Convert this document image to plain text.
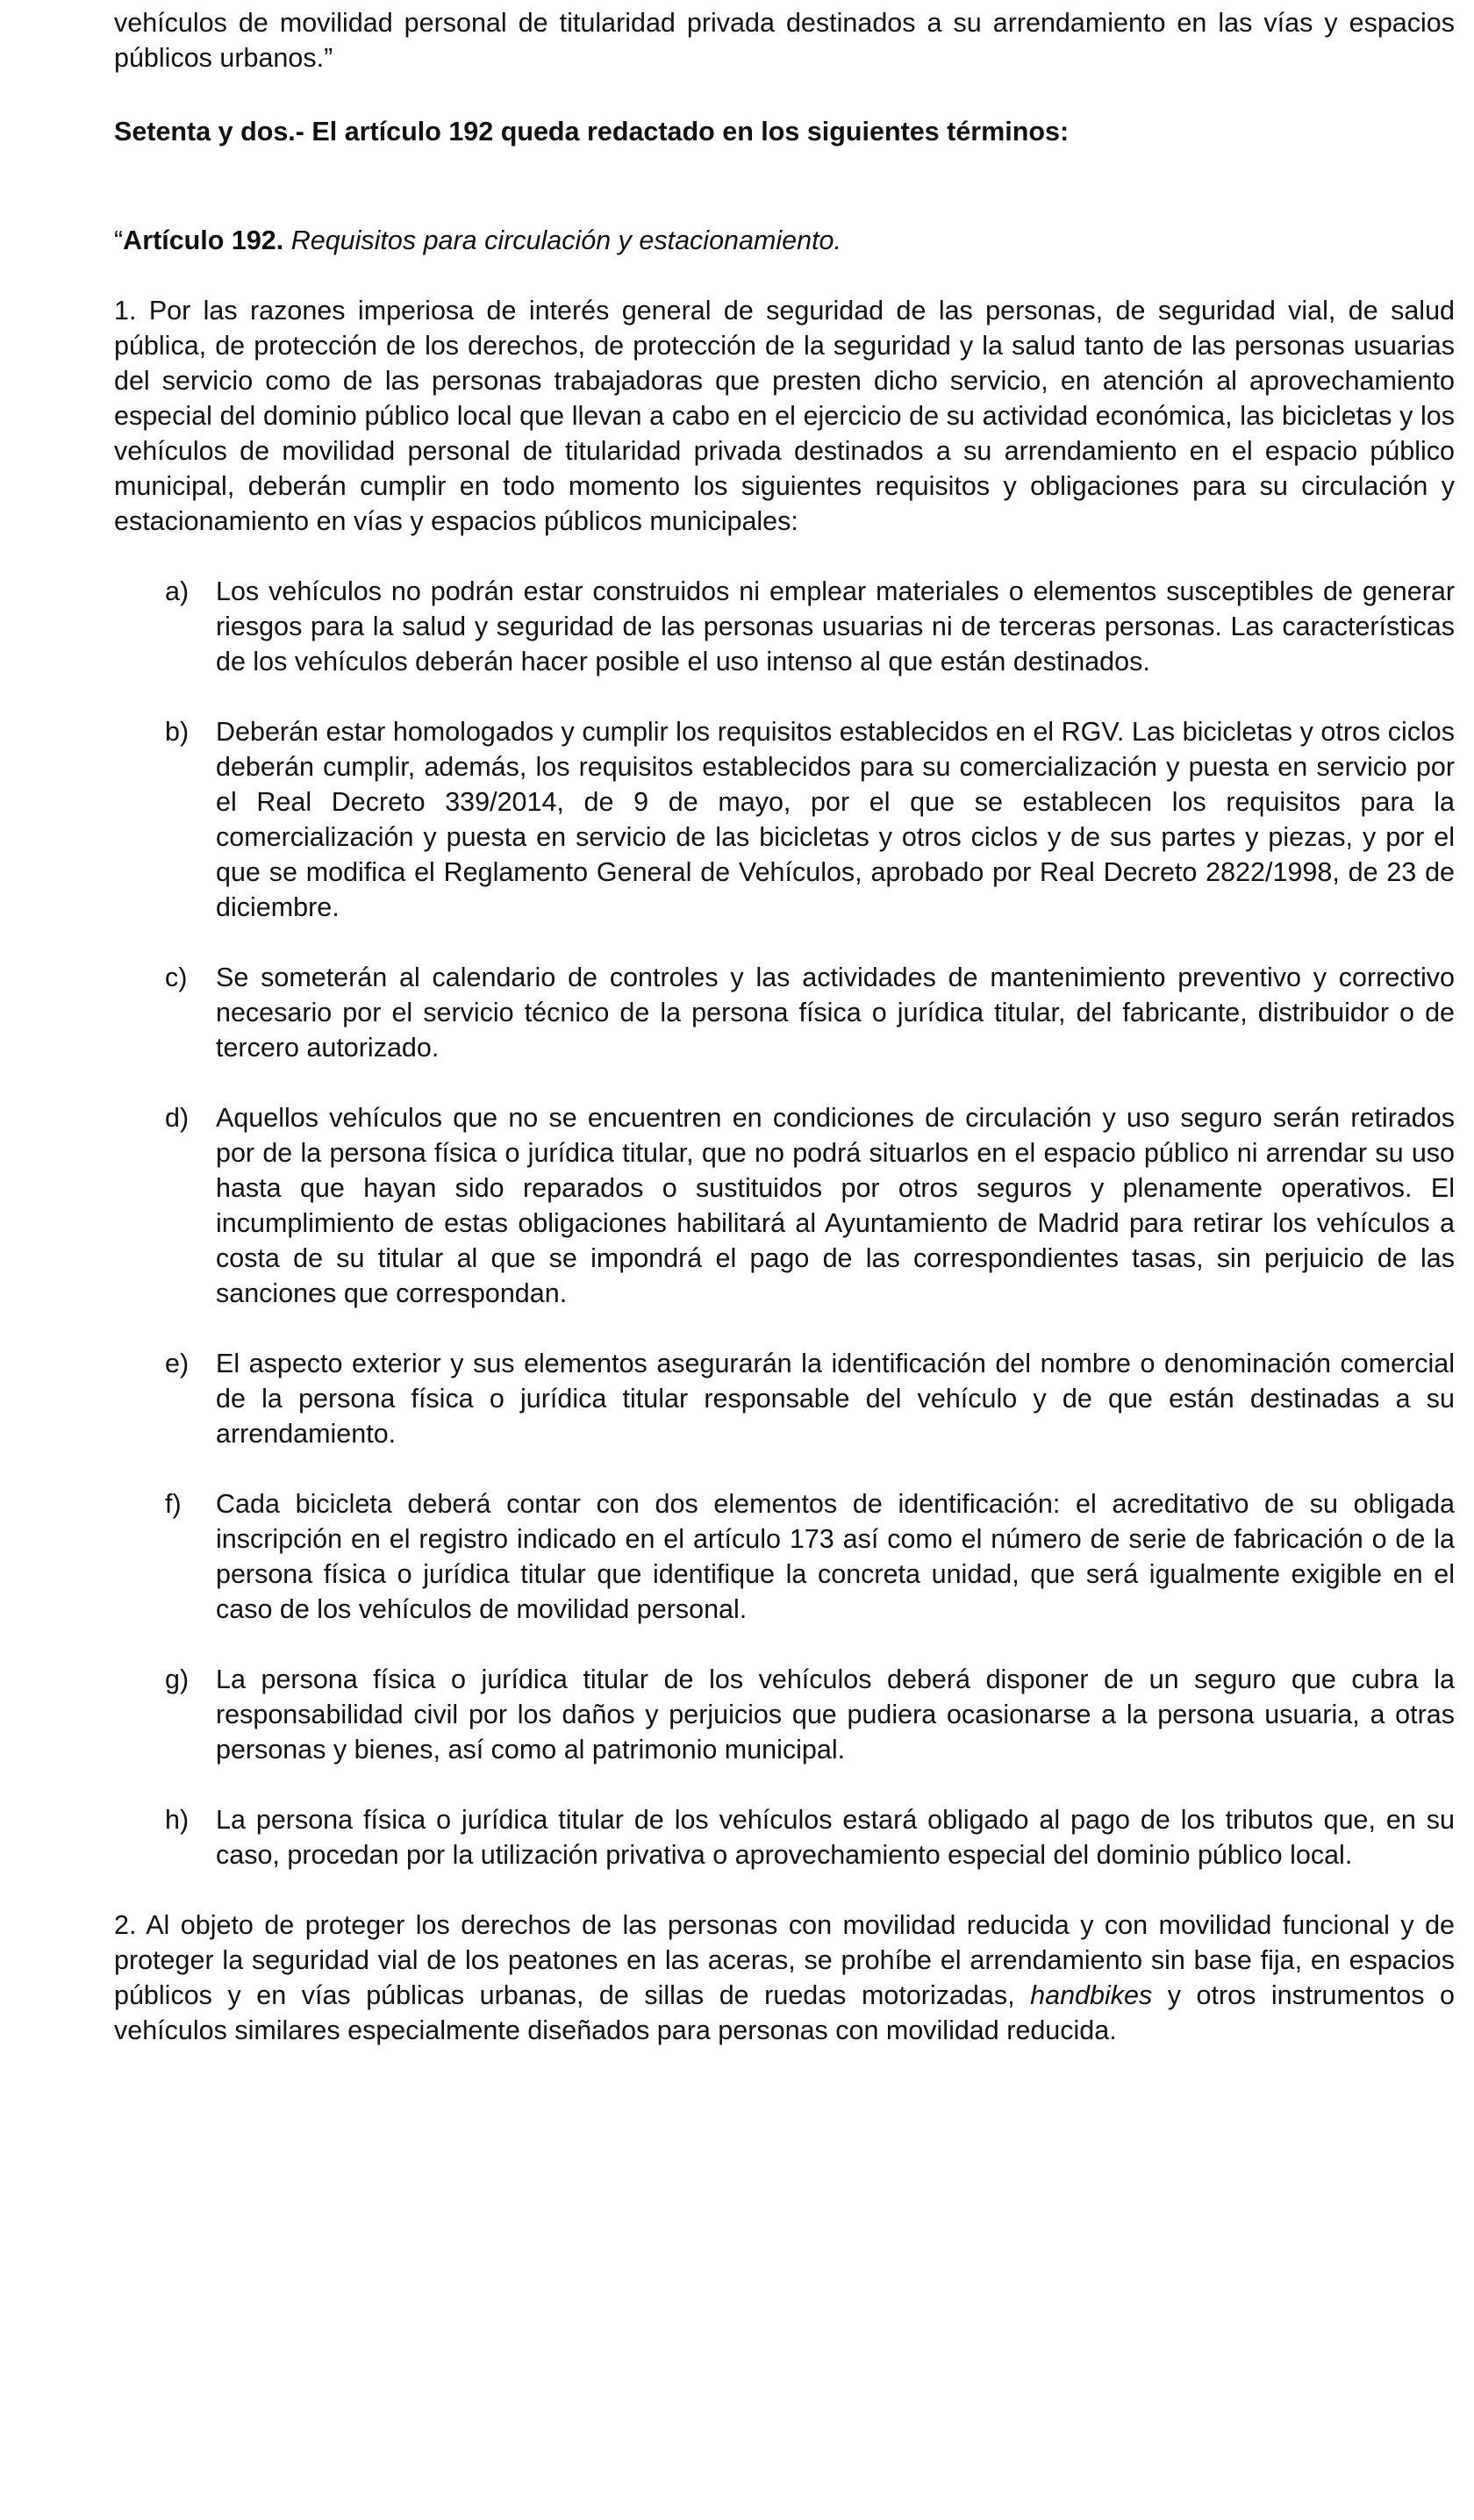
vehículos de movilidad personal de titularidad privada destinados a su arrendamiento en las vías y espacios públicos urbanos.”

Setenta y dos.- El artículo 192 queda redactado en los siguientes términos:

“Artículo 192. Requisitos para circulación y estacionamiento.

1. Por las razones imperiosa de interés general de seguridad de las personas, de seguridad vial, de salud pública, de protección de los derechos, de protección de la seguridad y la salud tanto de las personas usuarias del servicio como de las personas trabajadoras que presten dicho servicio, en atención al aprovechamiento especial del dominio público local que llevan a cabo en el ejercicio de su actividad económica, las bicicletas y los vehículos de movilidad personal de titularidad privada destinados a su arrendamiento en el espacio público municipal, deberán cumplir en todo momento los siguientes requisitos y obligaciones para su circulación y estacionamiento en vías y espacios públicos municipales:

a)	Los vehículos no podrán estar construidos ni emplear materiales o elementos susceptibles de generar riesgos para la salud y seguridad de las personas usuarias ni de terceras personas. Las características de los vehículos deberán hacer posible el uso intenso al que están destinados.
b)	Deberán estar homologados y cumplir los requisitos establecidos en el RGV. Las bicicletas y otros ciclos deberán cumplir, además, los requisitos establecidos para su comercialización y puesta en servicio por el Real Decreto 339/2014, de 9 de mayo, por el que se establecen los requisitos para la comercialización y puesta en servicio de las bicicletas y otros ciclos y de sus partes y piezas, y por el que se modifica el Reglamento General de Vehículos, aprobado por Real Decreto 2822/1998, de 23 de diciembre.
c)	Se someterán al calendario de controles y las actividades de mantenimiento preventivo y correctivo necesario por el servicio técnico de la persona física o jurídica titular, del fabricante, distribuidor o de tercero autorizado.
d)	Aquellos vehículos que no se encuentren en condiciones de circulación y uso seguro serán retirados por de la persona física o jurídica titular, que no podrá situarlos en el espacio público ni arrendar su uso hasta que hayan sido reparados o sustituidos por otros seguros y plenamente operativos. El incumplimiento de estas obligaciones habilitará al Ayuntamiento de Madrid para retirar los vehículos a costa de su titular al que se impondrá el pago de las correspondientes tasas, sin perjuicio de las sanciones que correspondan.
e)	El aspecto exterior y sus elementos asegurarán la identificación del nombre o denominación comercial de la persona física o jurídica titular responsable del vehículo y de que están destinadas a su arrendamiento.
f)	Cada bicicleta deberá contar con dos elementos de identificación: el acreditativo de su obligada inscripción en el registro indicado en el artículo 173 así como el número de serie de fabricación o de la persona física o jurídica titular que identifique la concreta unidad, que será igualmente exigible en el caso de los vehículos de movilidad personal.
g)	La persona física o jurídica titular de los vehículos deberá disponer de un seguro que cubra la responsabilidad civil por los daños y perjuicios que pudiera ocasionarse a la persona usuaria, a otras personas y bienes, así como al patrimonio municipal.
h)	La persona física o jurídica titular de los vehículos estará obligado al pago de los tributos que, en su caso, procedan por la utilización privativa o aprovechamiento especial del dominio público local.

2. Al objeto de proteger los derechos de las personas con movilidad reducida y con movilidad funcional y de proteger la seguridad vial de los peatones en las aceras, se prohíbe el arrendamiento sin base fija, en espacios públicos y en vías públicas urbanas, de sillas de ruedas motorizadas, handbikes y otros instrumentos o vehículos similares especialmente diseñados para personas con movilidad reducida.
